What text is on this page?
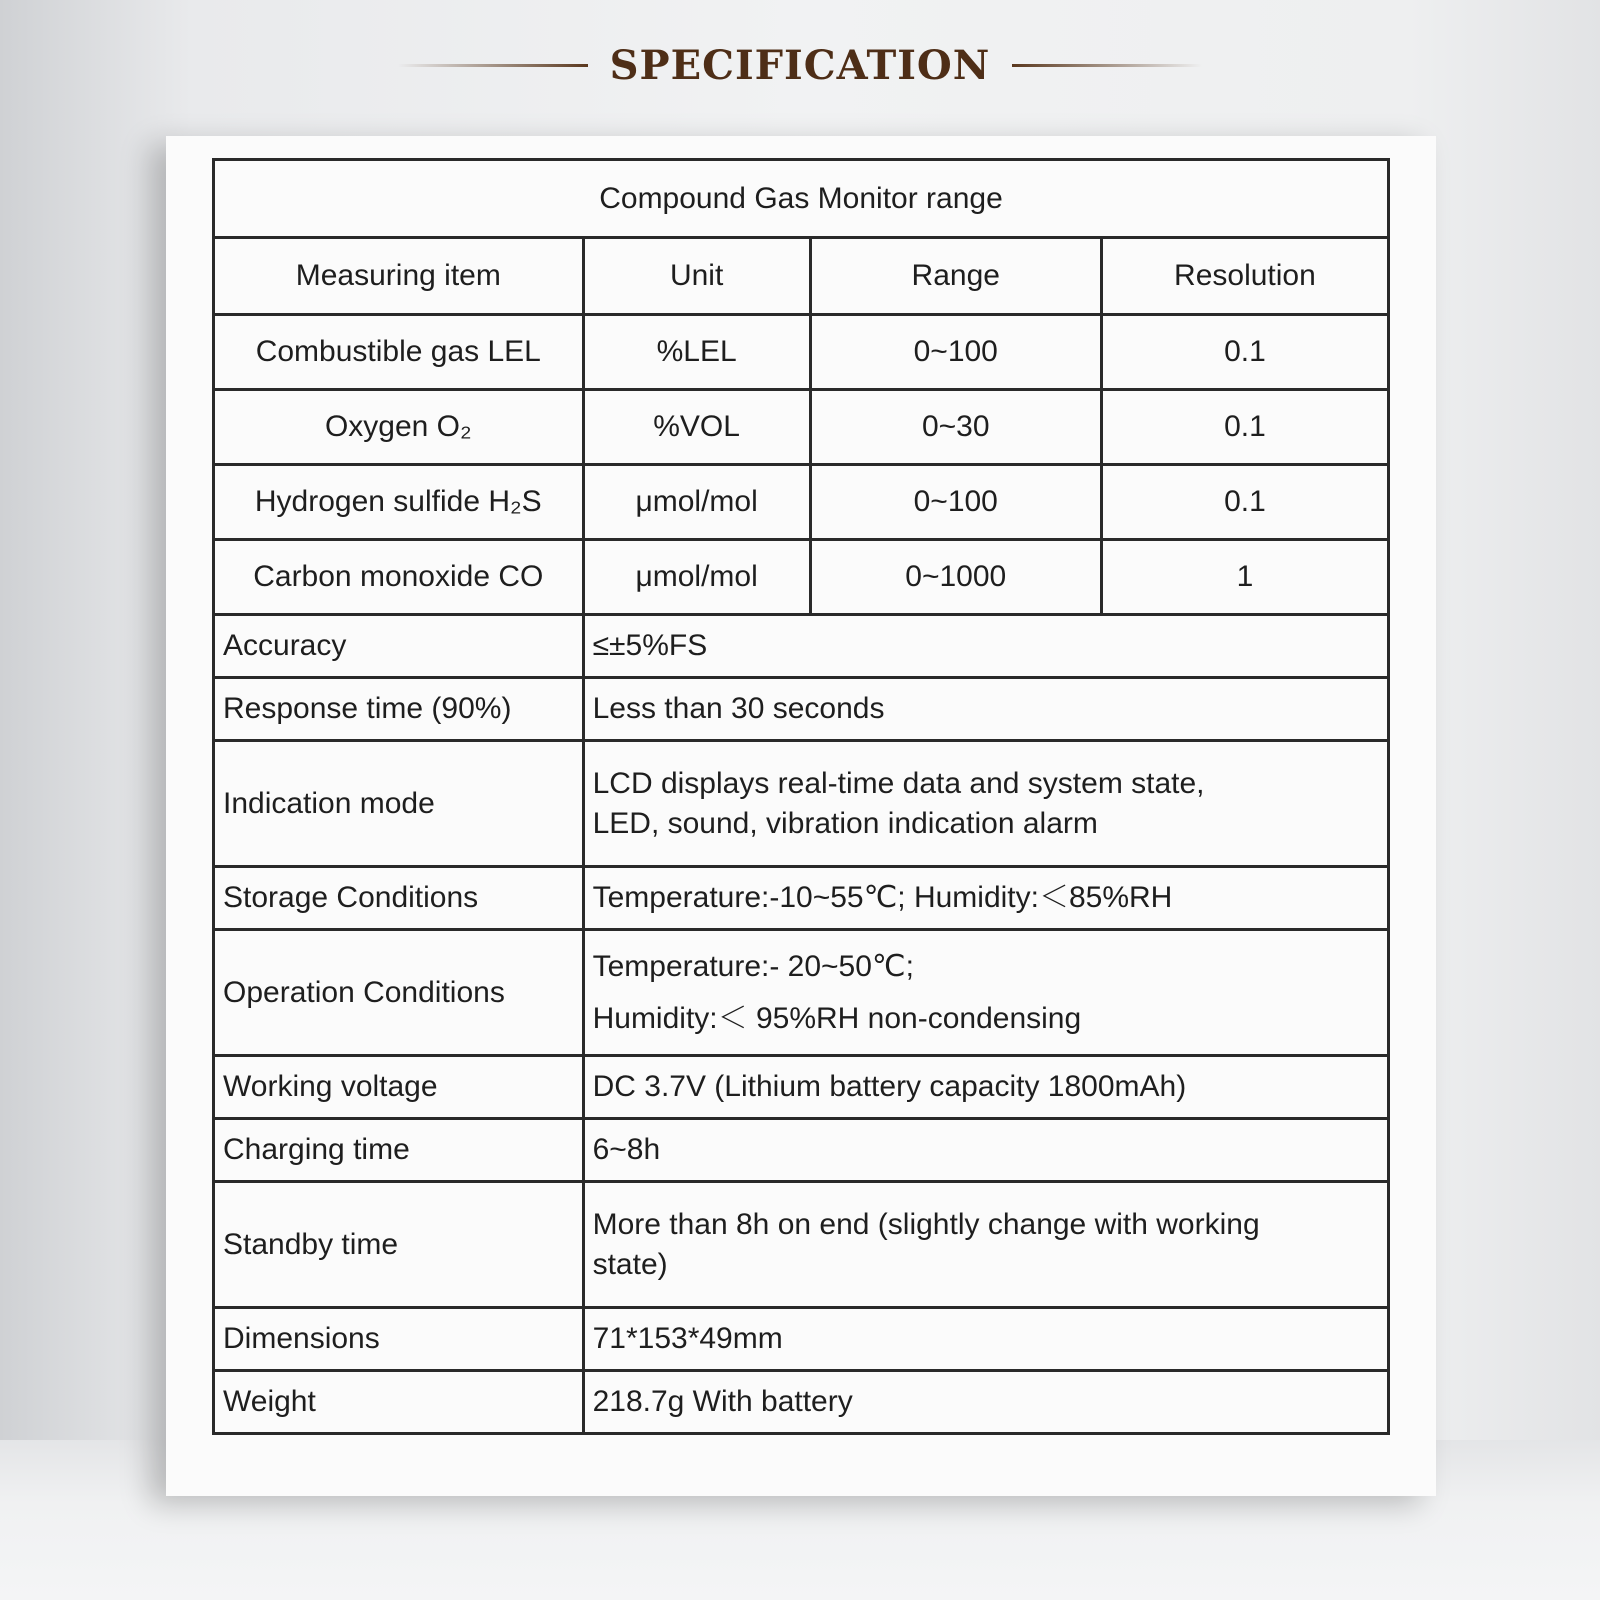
SPECIFICATION
Compound Gas Monitor range			
Measuring item	Unit	Range	Resolution
Combustible gas LEL	%LEL	0~100	0.1
Oxygen O₂	%VOL	0~30	0.1
Hydrogen sulfide H₂S	μmol/mol	0~100	0.1
Carbon monoxide CO	μmol/mol	0~1000	1
Accuracy	≤±5%FS		
Response time (90%)	Less than 30 seconds		
Indication mode	LCD displays real-time data and system state,
LED, sound, vibration indication alarm		

Storage Conditions	Temperature:-10~55℃; Humidity:＜85%RH		
Operation Conditions	Temperature:- 20~50℃;
Humidity:＜ 95%RH non-condensing		

Working voltage	DC 3.7V (Lithium battery capacity 1800mAh)		
Charging time	6~8h		
Standby time	More than 8h on end (slightly change with working
state)		

Dimensions	71*153*49mm		
Weight	218.7g With battery		
